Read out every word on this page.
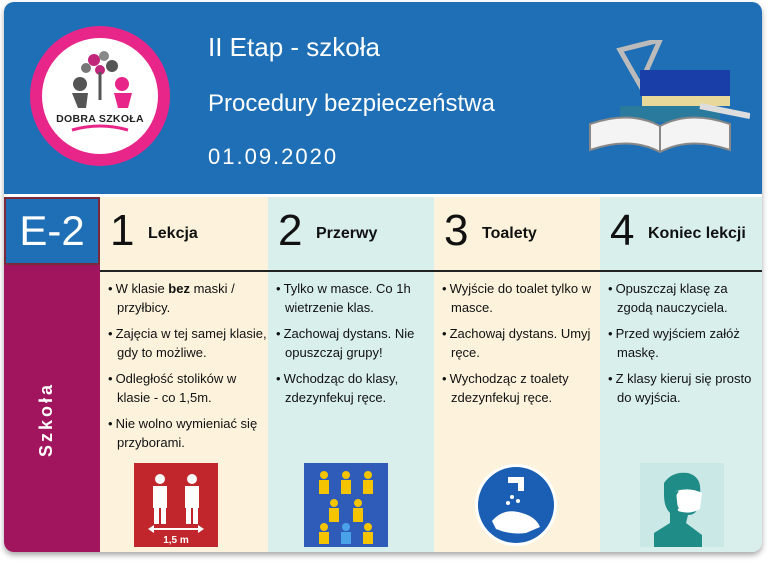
DOBRA SZKOŁA
II Etap - szkoła
Procedury bezpieczeństwa
01.09.2020
E-2
Szkoła
1 Lekcja
• W klasie bez maski / przyłbicy.
• Zajęcia w tej samej klasie, gdy to możliwe.
• Odległość stolików w klasie - co 1,5m.
• Nie wolno wymieniać się przyborami.
1,5 m
2 Przerwy
• Tylko w masce. Co 1h wietrzenie klas.
• Zachowaj dystans. Nie opuszczaj grupy!
• Wchodząc do klasy, zdezynfekuj ręce.
3 Toalety
• Wyjście do toalet tylko w masce.
• Zachowaj dystans. Umyj ręce.
• Wychodząc z toalety zdezynfekuj ręce.
4 Koniec lekcji
• Opuszczaj klasę za zgodą nauczyciela.
• Przed wyjściem załóż maskę.
• Z klasy kieruj się prosto do wyjścia.
